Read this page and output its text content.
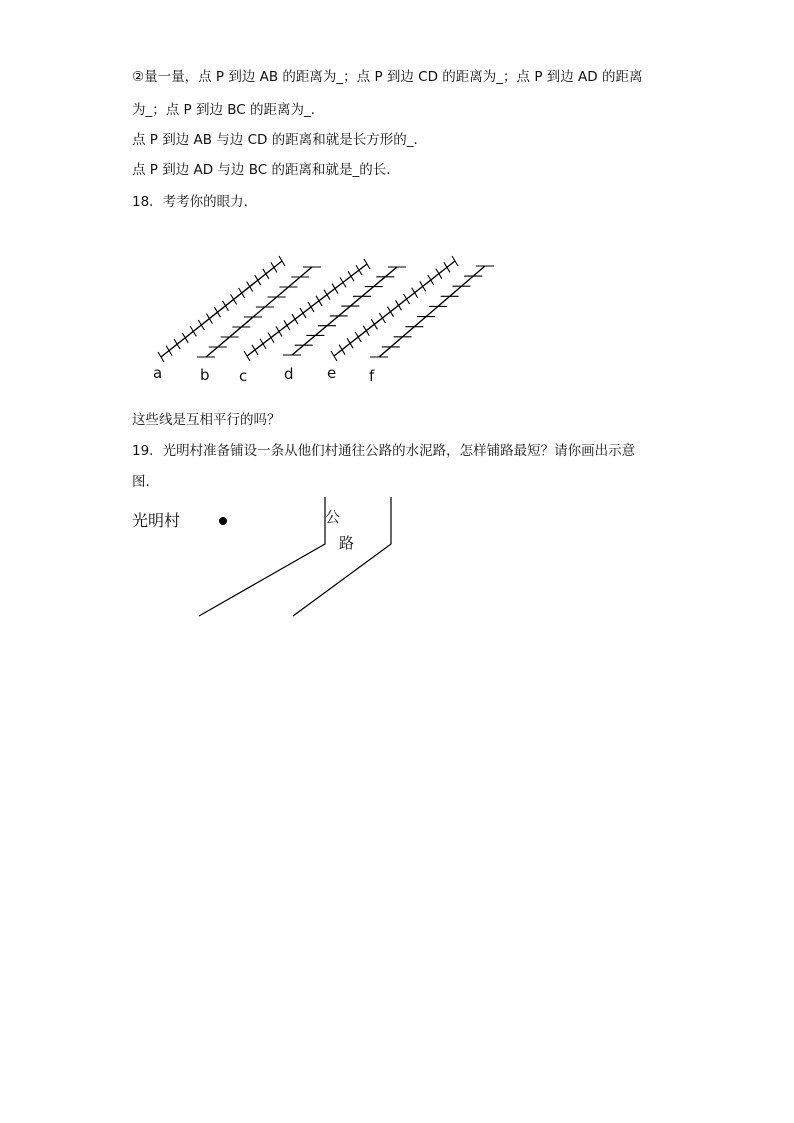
②量一量，点 P 到边 AB 的距离为_；点 P 到边 CD 的距离为_；点 P 到边 AD 的距离
为_；点 P 到边 BC 的距离为_．
点 P 到边 AB 与边 CD 的距离和就是长方形的_．
点 P 到边 AD 与边 BC 的距离和就是_的长．
18．考考你的眼力．
a	b c d e f
这些线是互相平行的吗？
19．光明村准备铺设一条从他们村通往公路的水泥路，怎样铺路最短？请你画出示意
图．
光明村	公
路
